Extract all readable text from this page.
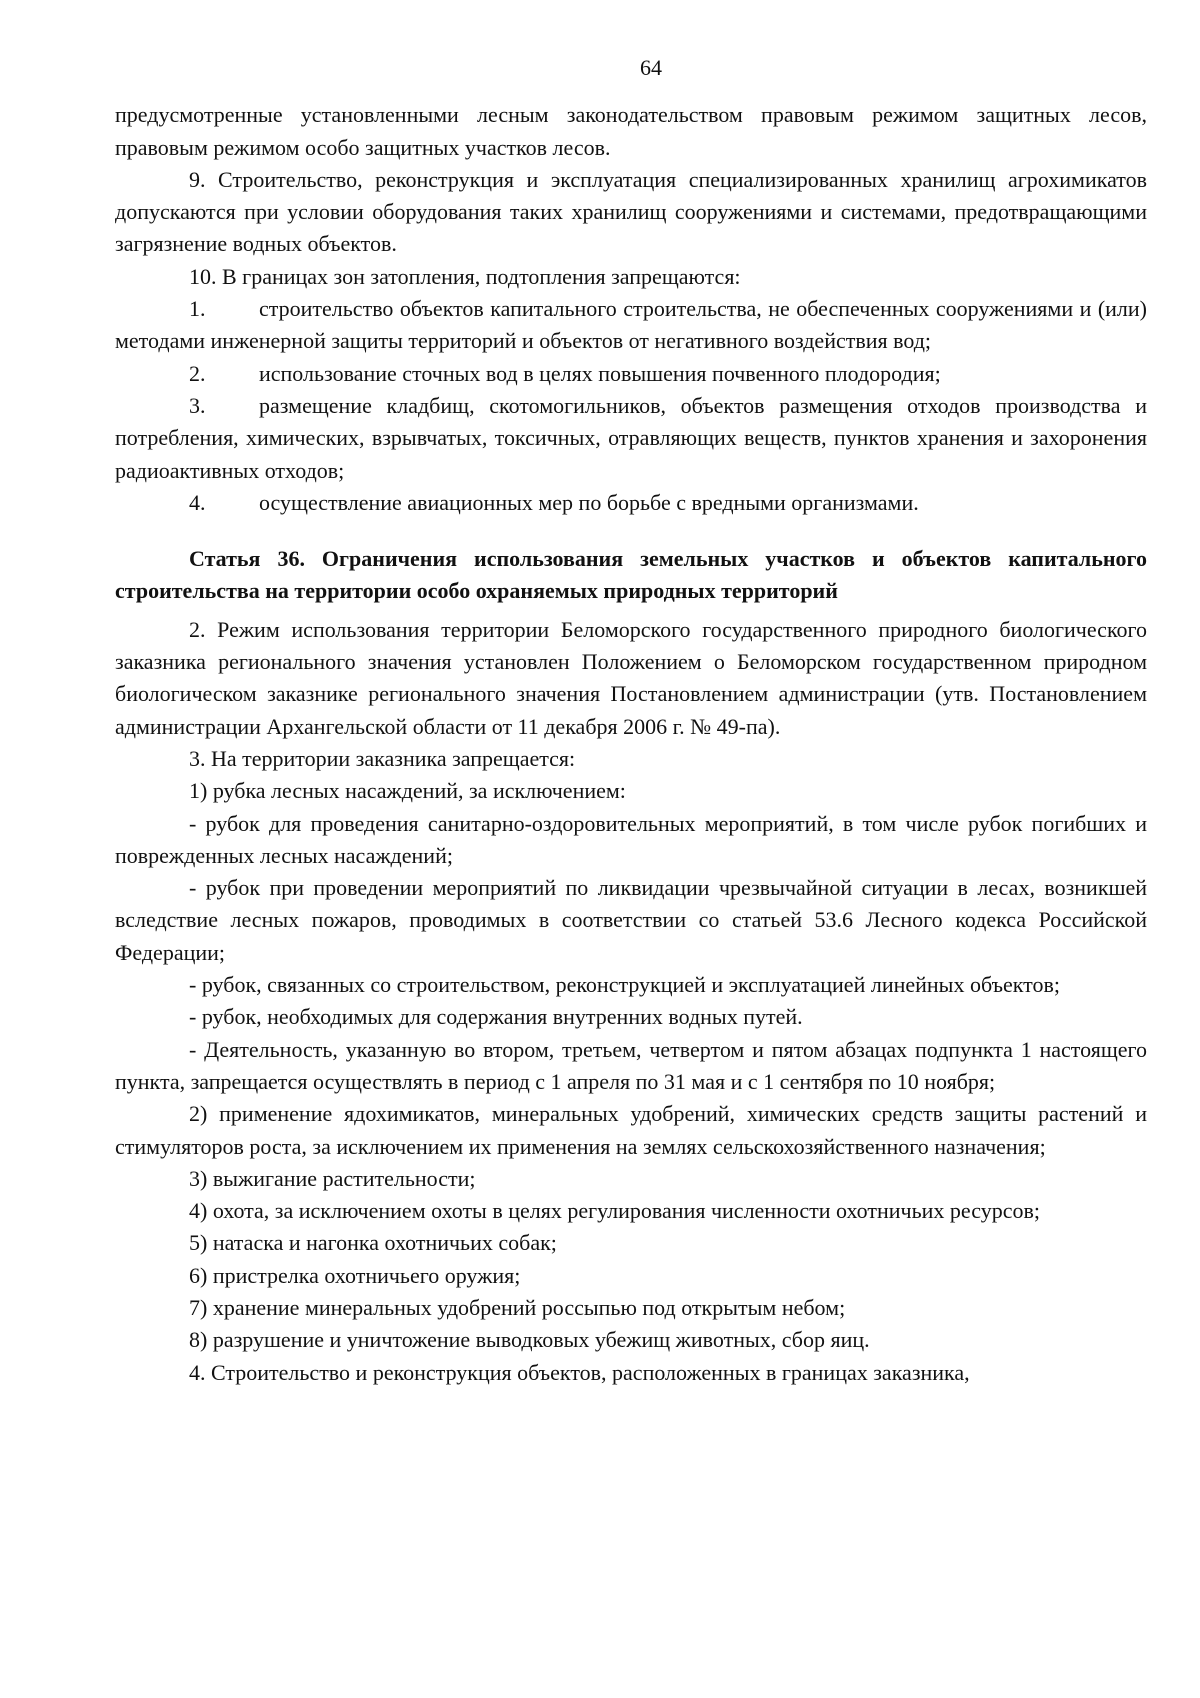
64

предусмотренные установленными лесным законодательством правовым режимом защитных лесов, правовым режимом особо защитных участков лесов.

9. Строительство, реконструкция и эксплуатация специализированных хранилищ агрохимикатов допускаются при условии оборудования таких хранилищ сооружениями и системами, предотвращающими загрязнение водных объектов.

10. В границах зон затопления, подтопления запрещаются:

1. строительство объектов капитального строительства, не обеспеченных сооружениями и (или) методами инженерной защиты территорий и объектов от негативного воздействия вод;

2. использование сточных вод в целях повышения почвенного плодородия;

3. размещение кладбищ, скотомогильников, объектов размещения отходов производства и потребления, химических, взрывчатых, токсичных, отравляющих веществ, пунктов хранения и захоронения радиоактивных отходов;

4. осуществление авиационных мер по борьбе с вредными организмами.

Статья 36. Ограничения использования земельных участков и объектов капитального строительства на территории особо охраняемых природных территорий

2. Режим использования территории Беломорского государственного природного биологического заказника регионального значения установлен Положением о Беломорском государственном природном биологическом заказнике регионального значения Постановлением администрации (утв. Постановлением администрации Архангельской области от 11 декабря 2006 г. № 49-па).

3. На территории заказника запрещается:

1) рубка лесных насаждений, за исключением:

- рубок для проведения санитарно-оздоровительных мероприятий, в том числе рубок погибших и поврежденных лесных насаждений;

- рубок при проведении мероприятий по ликвидации чрезвычайной ситуации в лесах, возникшей вследствие лесных пожаров, проводимых в соответствии со статьей 53.6 Лесного кодекса Российской Федерации;

- рубок, связанных со строительством, реконструкцией и эксплуатацией линейных объектов;

- рубок, необходимых для содержания внутренних водных путей.

- Деятельность, указанную во втором, третьем, четвертом и пятом абзацах подпункта 1 настоящего пункта, запрещается осуществлять в период с 1 апреля по 31 мая и с 1 сентября по 10 ноября;

2) применение ядохимикатов, минеральных удобрений, химических средств защиты растений и стимуляторов роста, за исключением их применения на землях сельскохозяйственного назначения;

3) выжигание растительности;

4) охота, за исключением охоты в целях регулирования численности охотничьих ресурсов;

5) натаска и нагонка охотничьих собак;

6) пристрелка охотничьего оружия;

7) хранение минеральных удобрений россыпью под открытым небом;

8) разрушение и уничтожение выводковых убежищ животных, сбор яиц.

4. Строительство и реконструкция объектов, расположенных в границах заказника,
